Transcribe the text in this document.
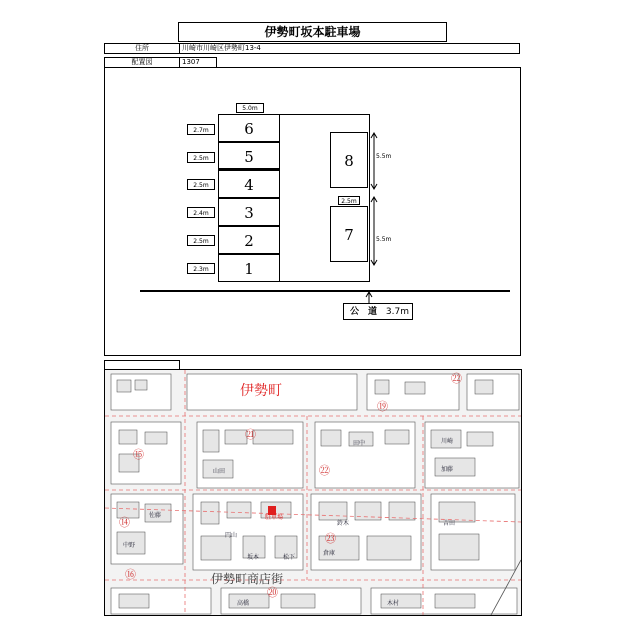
伊勢町坂本駐車場
住所	川崎市川崎区伊勢町13-4
配置図	1307
5.0m
6
5
4
3
2
1
2.7m
2.5m
2.5m
2.4m
2.5m
2.3m
8
7
2.5m
5.5m
5.5m
公　道 3.7m
伊勢町
伊勢町商店街
駐車場
吉田
円山
山田
坂本	松下
倉庫
鈴木
中野
木村
佐藤
田中
加藤
川崎
高橋
⑮
㉑
㉒
⑭
㉓
⑲
⑳
⑯
㉒
